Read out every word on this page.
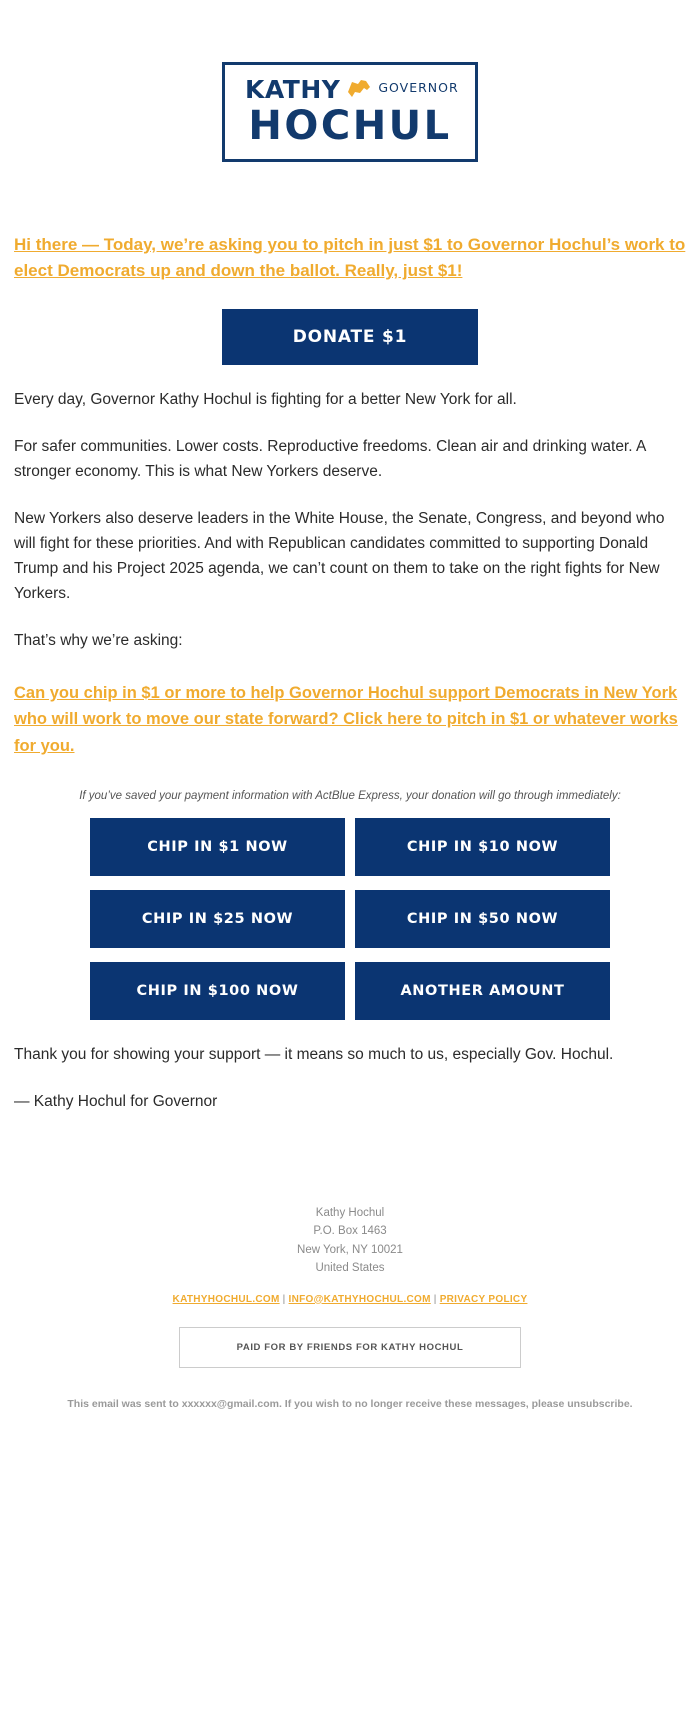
KATHY	GOVERNOR
HOCHUL
Hi there — Today, we’re asking you to pitch in just $1 to Governor Hochul’s work to elect Democrats up and down the ballot. Really, just $1!
DONATE $1

Every day, Governor Kathy Hochul is fighting for a better New York for all.

For safer communities. Lower costs. Reproductive freedoms. Clean air and drinking water. A stronger economy. This is what New Yorkers deserve.

New Yorkers also deserve leaders in the White House, the Senate, Congress, and beyond who will fight for these priorities. And with Republican candidates committed to supporting Donald Trump and his Project 2025 agenda, we can’t count on them to take on the right fights for New Yorkers.

That’s why we’re asking:

Can you chip in $1 or more to help Governor Hochul support Democrats in New York who will work to move our state forward? Click here to pitch in $1 or whatever works for you.
If you’ve saved your payment information with ActBlue Express, your donation will go through immediately:
CHIP IN $1 NOW	CHIP IN $10 NOW
CHIP IN $25 NOW	CHIP IN $50 NOW
CHIP IN $100 NOW	ANOTHER AMOUNT

Thank you for showing your support — it means so much to us, especially Gov. Hochul.

— Kathy Hochul for Governor

Kathy Hochul
P.O. Box 1463
New York, NY 10021
United States
KATHYHOCHUL.COM | INFO@KATHYHOCHUL.COM | PRIVACY POLICY
PAID FOR BY FRIENDS FOR KATHY HOCHUL
This email was sent to xxxxxx@gmail.com. If you wish to no longer receive these messages, please unsubscribe.
